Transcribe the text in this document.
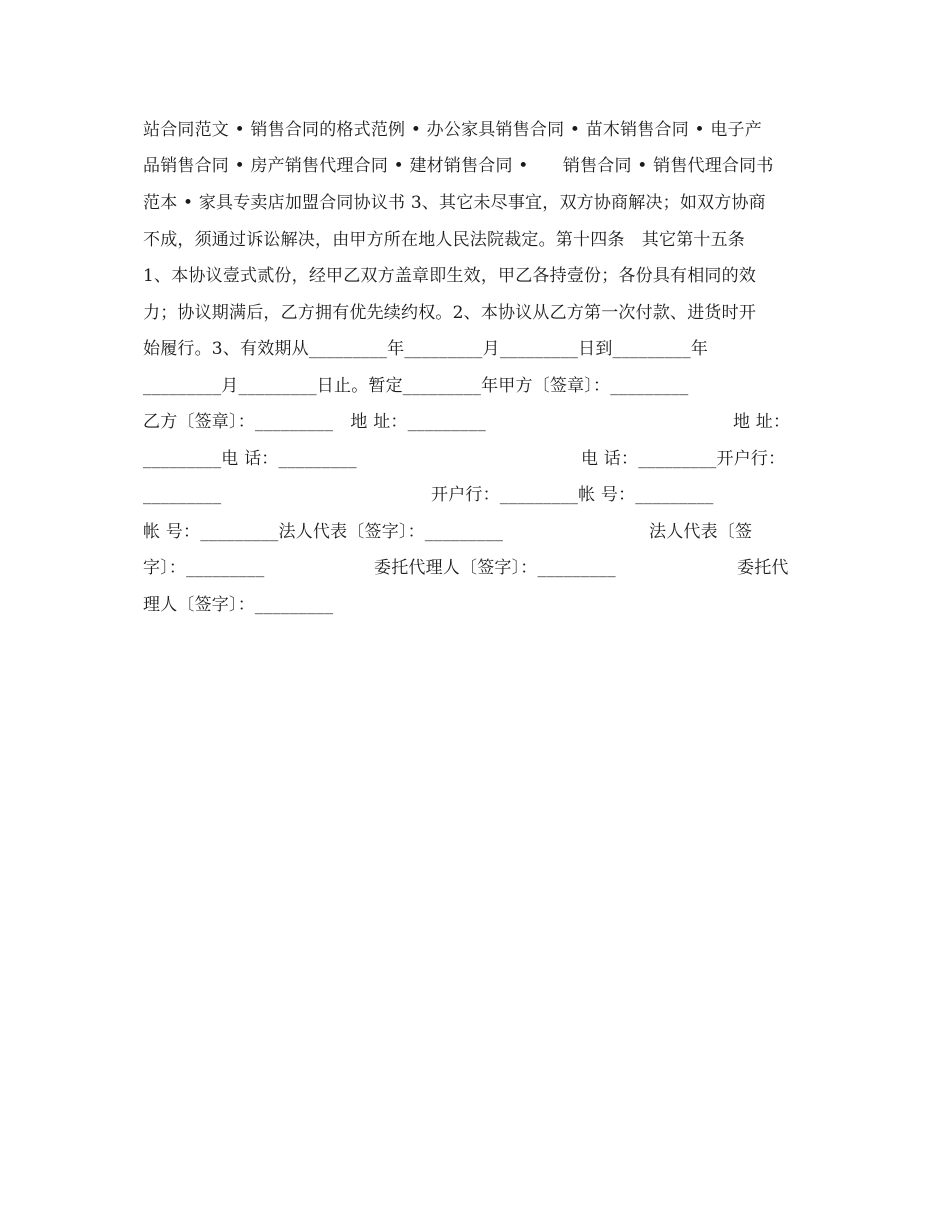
站合同范文 • 销售合同的格式范例 • 办公家具销售合同 • 苗木销售合同 • 电子产
品销售合同 • 房产销售代理合同 • 建材销售合同 •　　销售合同 • 销售代理合同书
范本 • 家具专卖店加盟合同协议书 3、其它未尽事宜，双方协商解决；如双方协商
不成，须通过诉讼解决，由甲方所在地人民法院裁定。第十四条　其它第十五条
1、本协议壹式贰份，经甲乙双方盖章即生效，甲乙各持壹份；各份具有相同的效
力；协议期满后，乙方拥有优先续约权。2、本协议从乙方第一次付款、进货时开
始履行。3、有效期从_________年_________月_________日到_________年
_________月_________日止。暂定_________年甲方〔签章〕：_________

乙方〔签章〕：_________　地 址：_________

	地 址：

_________电 话：_________

	电 话：_________开户行：

_________

	开户行：_________帐 号：_________

帐 号：_________法人代表〔签字〕：_________

	法人代表〔签

字〕：_________

	委托代理人〔签字〕：_________

	委托代

理人〔签字〕：_________
